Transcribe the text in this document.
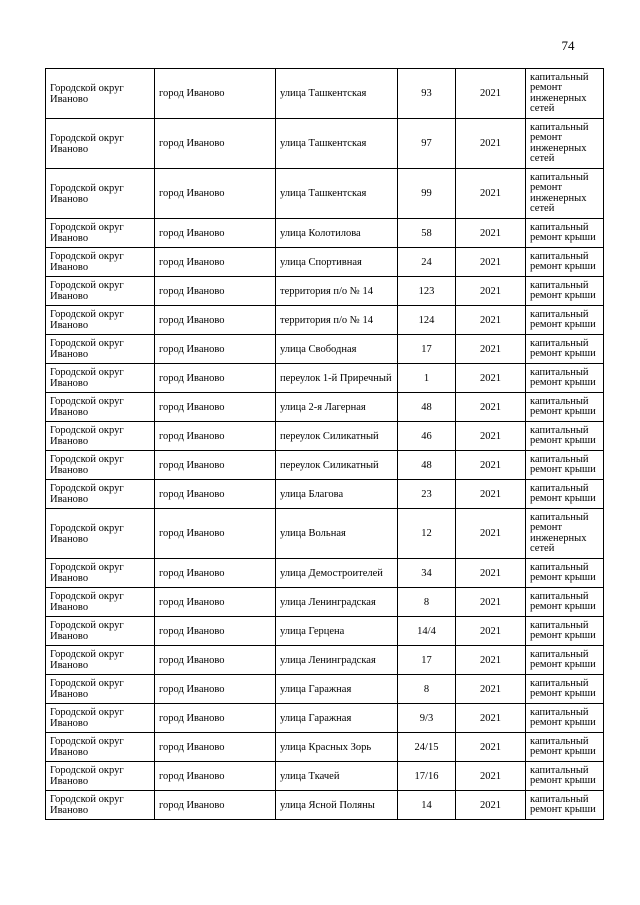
74
Городской округ Иваново	город Иваново	улица Ташкентская	93	2021	капитальный ремонт инженерных сетей
Городской округ Иваново	город Иваново	улица Ташкентская	97	2021	капитальный ремонт инженерных сетей
Городской округ Иваново	город Иваново	улица Ташкентская	99	2021	капитальный ремонт инженерных сетей
Городской округ Иваново	город Иваново	улица Колотилова	58	2021	капитальный ремонт крыши
Городской округ Иваново	город Иваново	улица Спортивная	24	2021	капитальный ремонт крыши
Городской округ Иваново	город Иваново	территория п/о № 14	123	2021	капитальный ремонт крыши
Городской округ Иваново	город Иваново	территория п/о № 14	124	2021	капитальный ремонт крыши
Городской округ Иваново	город Иваново	улица Свободная	17	2021	капитальный ремонт крыши
Городской округ Иваново	город Иваново	переулок 1-й Приречный	1	2021	капитальный ремонт крыши
Городской округ Иваново	город Иваново	улица 2-я Лагерная	48	2021	капитальный ремонт крыши
Городской округ Иваново	город Иваново	переулок Силикатный	46	2021	капитальный ремонт крыши
Городской округ Иваново	город Иваново	переулок Силикатный	48	2021	капитальный ремонт крыши
Городской округ Иваново	город Иваново	улица Благова	23	2021	капитальный ремонт крыши
Городской округ Иваново	город Иваново	улица Вольная	12	2021	капитальный ремонт инженерных сетей
Городской округ Иваново	город Иваново	улица Демостроителей	34	2021	капитальный ремонт крыши
Городской округ Иваново	город Иваново	улица Ленинградская	8	2021	капитальный ремонт крыши
Городской округ Иваново	город Иваново	улица Герцена	14/4	2021	капитальный ремонт крыши
Городской округ Иваново	город Иваново	улица Ленинградская	17	2021	капитальный ремонт крыши
Городской округ Иваново	город Иваново	улица Гаражная	8	2021	капитальный ремонт крыши
Городской округ Иваново	город Иваново	улица Гаражная	9/3	2021	капитальный ремонт крыши
Городской округ Иваново	город Иваново	улица Красных Зорь	24/15	2021	капитальный ремонт крыши
Городской округ Иваново	город Иваново	улица Ткачей	17/16	2021	капитальный ремонт крыши
Городской округ Иваново	город Иваново	улица Ясной Поляны	14	2021	капитальный ремонт крыши
